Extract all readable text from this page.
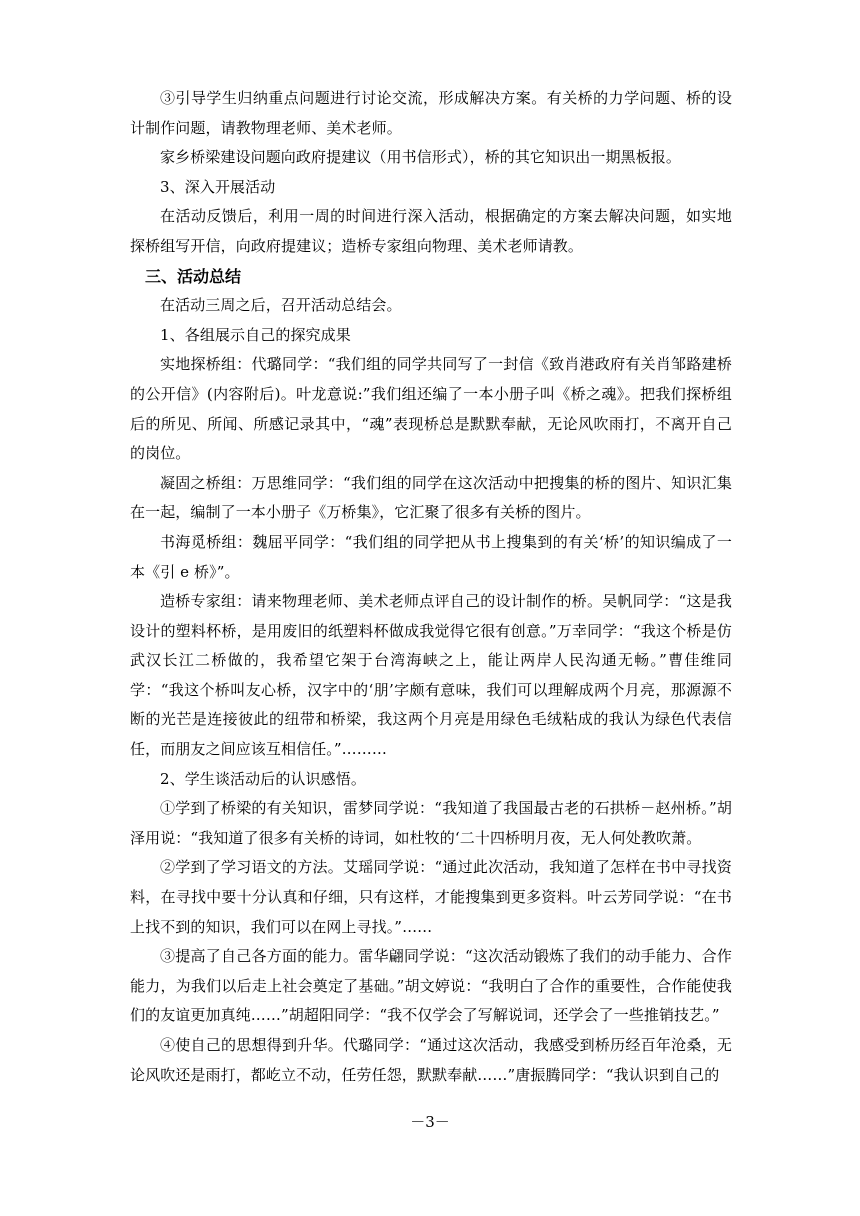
③引导学生归纳重点问题进行讨论交流，形成解决方案。有关桥的力学问题、桥的设计制作问题，请教物理老师、美术老师。

家乡桥梁建设问题向政府提建议（用书信形式），桥的其它知识出一期黑板报。

3、深入开展活动

在活动反馈后，利用一周的时间进行深入活动，根据确定的方案去解决问题，如实地探桥组写开信，向政府提建议；造桥专家组向物理、美术老师请教。

三、活动总结

在活动三周之后，召开活动总结会。

1、各组展示自己的探究成果

实地探桥组：代璐同学：“我们组的同学共同写了一封信《致肖港政府有关肖邹路建桥的公开信》(内容附后)。叶龙意说:”我们组还编了一本小册子叫《桥之魂》。把我们探桥组后的所见、所闻、所感记录其中，“魂”表现桥总是默默奉献，无论风吹雨打，不离开自己的岗位。

凝固之桥组：万思维同学：“我们组的同学在这次活动中把搜集的桥的图片、知识汇集在一起，编制了一本小册子《万桥集》，它汇聚了很多有关桥的图片。

书海觅桥组：魏屈平同学：“我们组的同学把从书上搜集到的有关‘桥’的知识编成了一本《引 e 桥》”。

造桥专家组：请来物理老师、美术老师点评自己的设计制作的桥。吴帆同学：“这是我设计的塑料杯桥，是用废旧的纸塑料杯做成我觉得它很有创意。”万幸同学：“我这个桥是仿武汉长江二桥做的，我希望它架于台湾海峡之上，能让两岸人民沟通无畅。”曹佳维同学：“我这个桥叫友心桥，汉字中的‘朋’字颇有意味，我们可以理解成两个月亮，那源源不断的光芒是连接彼此的纽带和桥梁，我这两个月亮是用绿色毛绒粘成的我认为绿色代表信任，而朋友之间应该互相信任。”………

2、学生谈活动后的认识感悟。

①学到了桥梁的有关知识，雷梦同学说：“我知道了我国最古老的石拱桥－赵州桥。”胡泽用说：“我知道了很多有关桥的诗词，如杜牧的‘二十四桥明月夜，无人何处教吹萧。

②学到了学习语文的方法。艾瑶同学说：“通过此次活动，我知道了怎样在书中寻找资料，在寻找中要十分认真和仔细，只有这样，才能搜集到更多资料。叶云芳同学说：“在书上找不到的知识，我们可以在网上寻找。”……

③提高了自己各方面的能力。雷华翩同学说：“这次活动锻炼了我们的动手能力、合作能力，为我们以后走上社会奠定了基础。”胡文婷说：“我明白了合作的重要性，合作能使我们的友谊更加真纯……”胡超阳同学：“我不仅学会了写解说词，还学会了一些推销技艺。”

④使自己的思想得到升华。代璐同学：“通过这次活动，我感受到桥历经百年沧桑，无论风吹还是雨打，都屹立不动，任劳任怨，默默奉献……”唐振腾同学：“我认识到自己的

－3－
